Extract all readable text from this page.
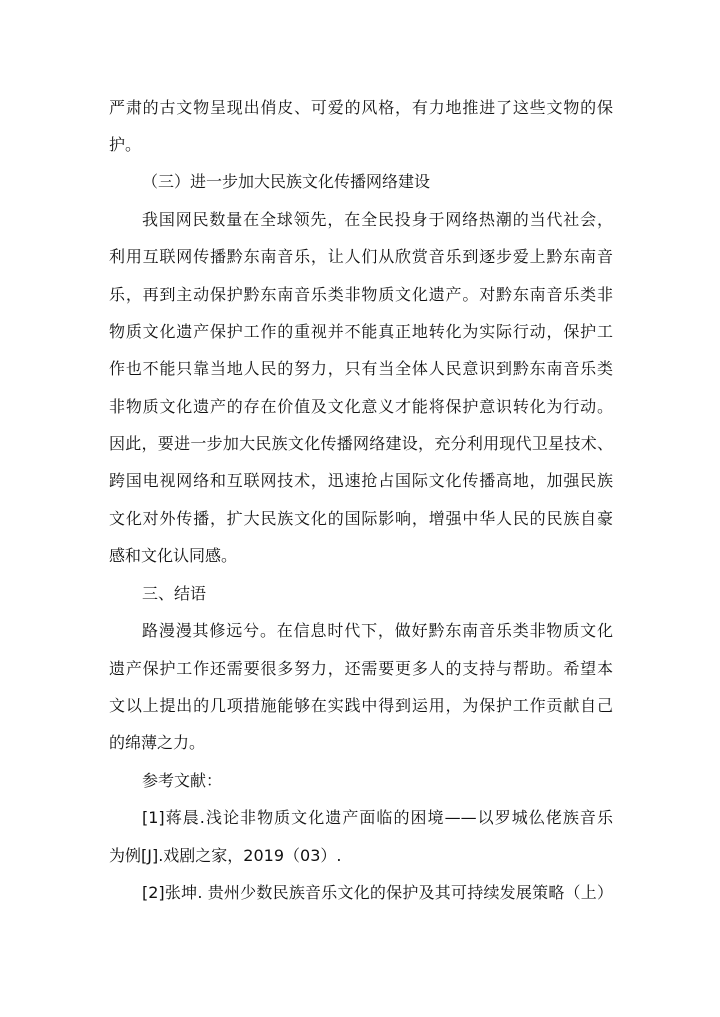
严肃的古文物呈现出俏皮、可爱的风格，有力地推进了这些文物的保
护。
（三）进一步加大民族文化传播网络建设
我国网民数量在全球领先，在全民投身于网络热潮的当代社会，
利用互联网传播黔东南音乐，让人们从欣赏音乐到逐步爱上黔东南音
乐，再到主动保护黔东南音乐类非物质文化遗产。对黔东南音乐类非
物质文化遗产保护工作的重视并不能真正地转化为实际行动，保护工
作也不能只靠当地人民的努力，只有当全体人民意识到黔东南音乐类
非物质文化遗产的存在价值及文化意义才能将保护意识转化为行动。
因此，要进一步加大民族文化传播网络建设，充分利用现代卫星技术、
跨国电视网络和互联网技术，迅速抢占国际文化传播高地，加强民族
文化对外传播，扩大民族文化的国际影响，增强中华人民的民族自豪
感和文化认同感。
三、结语
路漫漫其修远兮。在信息时代下，做好黔东南音乐类非物质文化
遗产保护工作还需要很多努力，还需要更多人的支持与帮助。希望本
文以上提出的几项措施能够在实践中得到运用，为保护工作贡献自己
的绵薄之力。
参考文献：
[1]蒋晨.浅论非物质文化遗产面临的困境——以罗城仫佬族音乐
为例[J].戏剧之家，2019（03）.
[2]张坤. 贵州少数民族音乐文化的保护及其可持续发展策略（上）
